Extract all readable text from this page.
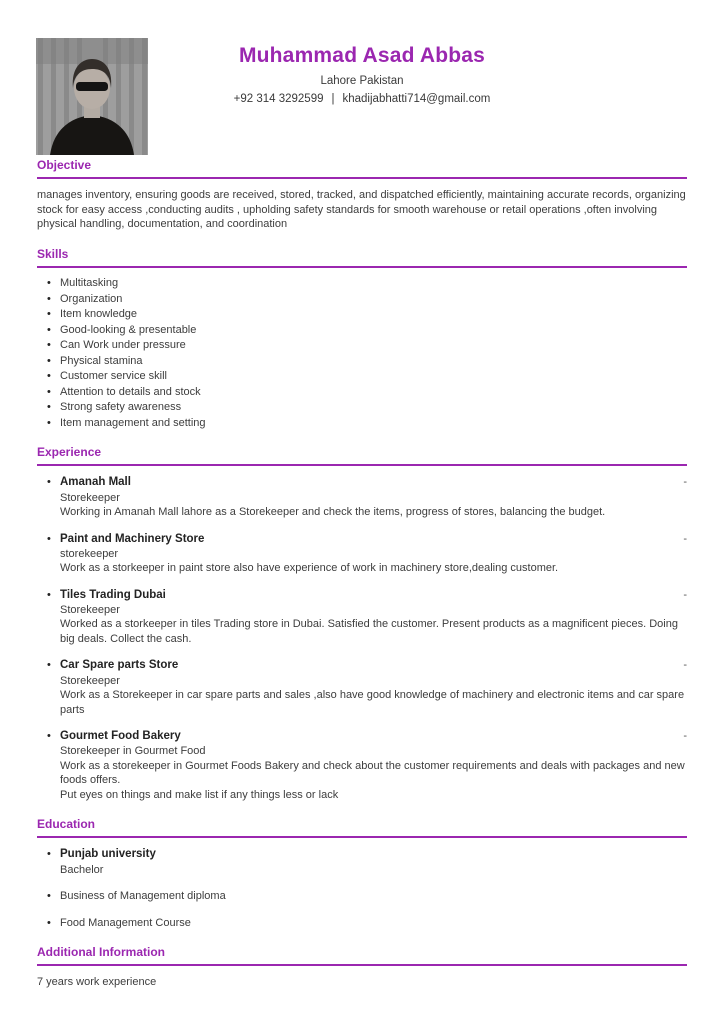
Muhammad Asad Abbas
Lahore Pakistan
+92 314 3292599 | khadijabhatti714@gmail.com
Objective

manages inventory, ensuring goods are received, stored, tracked, and dispatched efficiently, maintaining accurate records, organizing stock for easy access ,conducting audits , upholding safety standards for smooth warehouse or retail operations ,often involving physical handling, documentation, and coordination

Skills
• Multitasking
• Organization
• Item knowledge
• Good-looking & presentable
• Can Work under pressure
• Physical stamina
• Customer service skill
• Attention to details and stock
• Strong safety awareness
• Item management and setting
Experience
• Amanah Mall	-
Storekeeper
Working in Amanah Mall lahore as a Storekeeper and check the items, progress of stores, balancing the budget.
• Paint and Machinery Store	-
storekeeper
Work as a storkeeper in paint store also have experience of work in machinery store,dealing customer.
• Tiles Trading Dubai	-
Storekeeper
Worked as a storkeeper in tiles Trading store in Dubai. Satisfied the customer. Present products as a magnificent pieces. Doing big deals. Collect the cash.
• Car Spare parts Store	-
Storekeeper
Work as a Storekeeper in car spare parts and sales ,also have good knowledge of machinery and electronic items and car spare parts
• Gourmet Food Bakery	-
Storekeeper in Gourmet Food
Work as a storekeeper in Gourmet Foods Bakery and check about the customer requirements and deals with packages and new foods offers.
Put eyes on things and make list if any things less or lack
Education
• Punjab university
Bachelor
• Business of Management diploma
• Food Management Course
Additional Information

7 years work experience
